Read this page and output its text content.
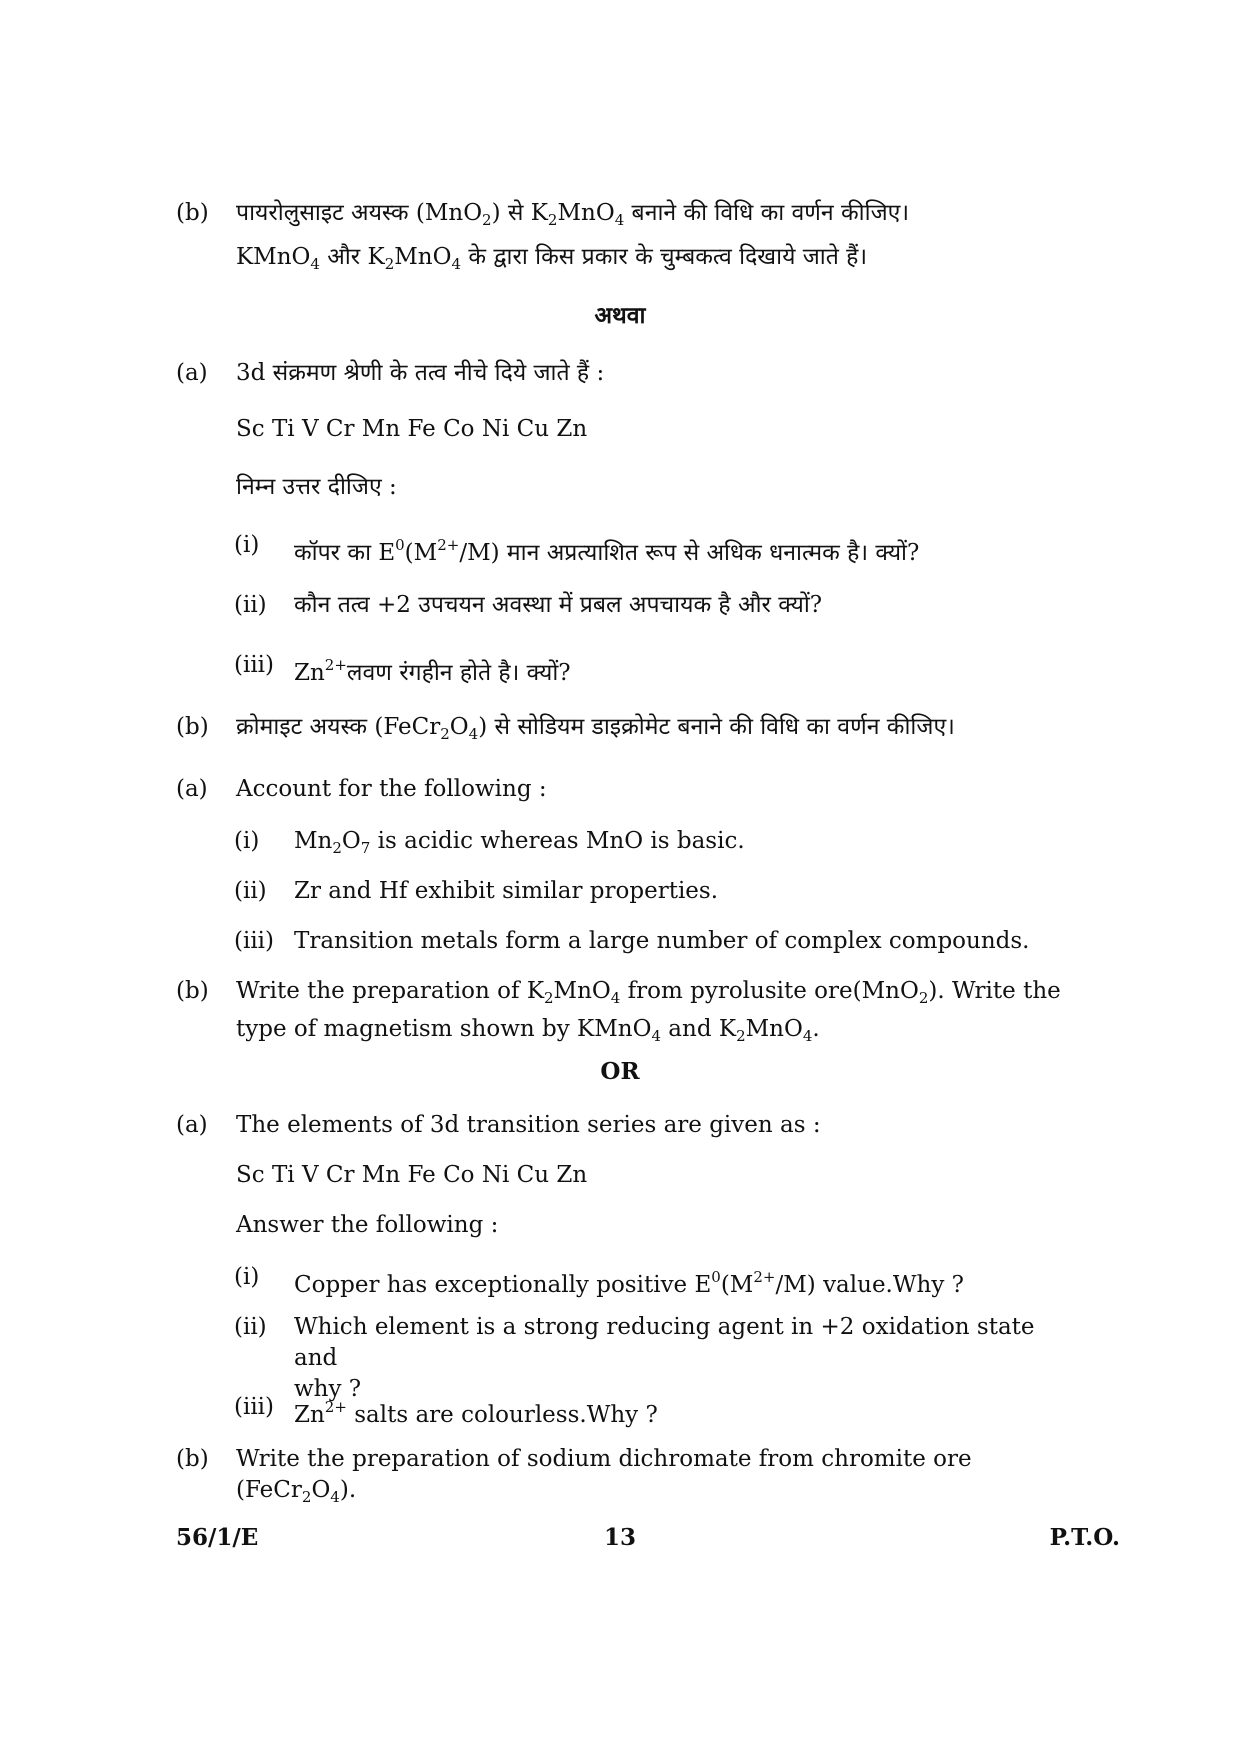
(b)	पायरोलुसाइट अयस्क (MnO$_2$) से $K_2MnO_4$ बनाने की विधि का वर्णन कीजिए।
KMnO$_4$ और $K_2MnO_4$ के द्वारा किस प्रकार के चुम्बकत्व दिखाये जाते हैं।
अथवा
(a)	3d संक्रमण श्रेणी के तत्व नीचे दिये जाते हैं :
Sc Ti V Cr Mn Fe Co Ni Cu Zn
निम्न उत्तर दीजिए :
(i)	कॉपर का $E^0(M^{2+}/M)$ मान अप्रत्याशित रूप से अधिक धनात्मक है। क्यों?
(ii)	कौन तत्व +2 उपचयन अवस्था में प्रबल अपचायक है और क्यों?
(iii) $Zn^{2+}लवण$ रंगहीन होते है। क्यों?
(b)	क्रोमाइट अयस्क $(FeCr_2O_4)$ से सोडियम डाइक्रोमेट बनाने की विधि का वर्णन कीजिए।
(a)	Account for the following :
(i)	$Mn_2O_7$ is acidic whereas MnO is basic.
(ii)	Zr and Hf exhibit similar properties.
(iii) Transition metals form a large number of complex compounds.
(b)	Write the preparation of $K_2MnO_4$ from pyrolusite ore(MnO$_2$). Write the
type of magnetism shown by KMnO$_4$ and $K_2MnO_4$.
OR
(a)	The elements of 3d transition series are given as :
Sc Ti V Cr Mn Fe Co Ni Cu Zn
Answer the following :
(i)	Copper has exceptionally positive $E^0(M^{2+}/M)$ value.Why ?
(ii)	Which element is a strong reducing agent in +2 oxidation state and
why ?
(iii) $Zn^{2+}$ salts are colourless.Why ?
(b)	Write the preparation of sodium dichromate from chromite ore $(FeCr_2O_4)$.
56/1/E	13	P.T.O.
